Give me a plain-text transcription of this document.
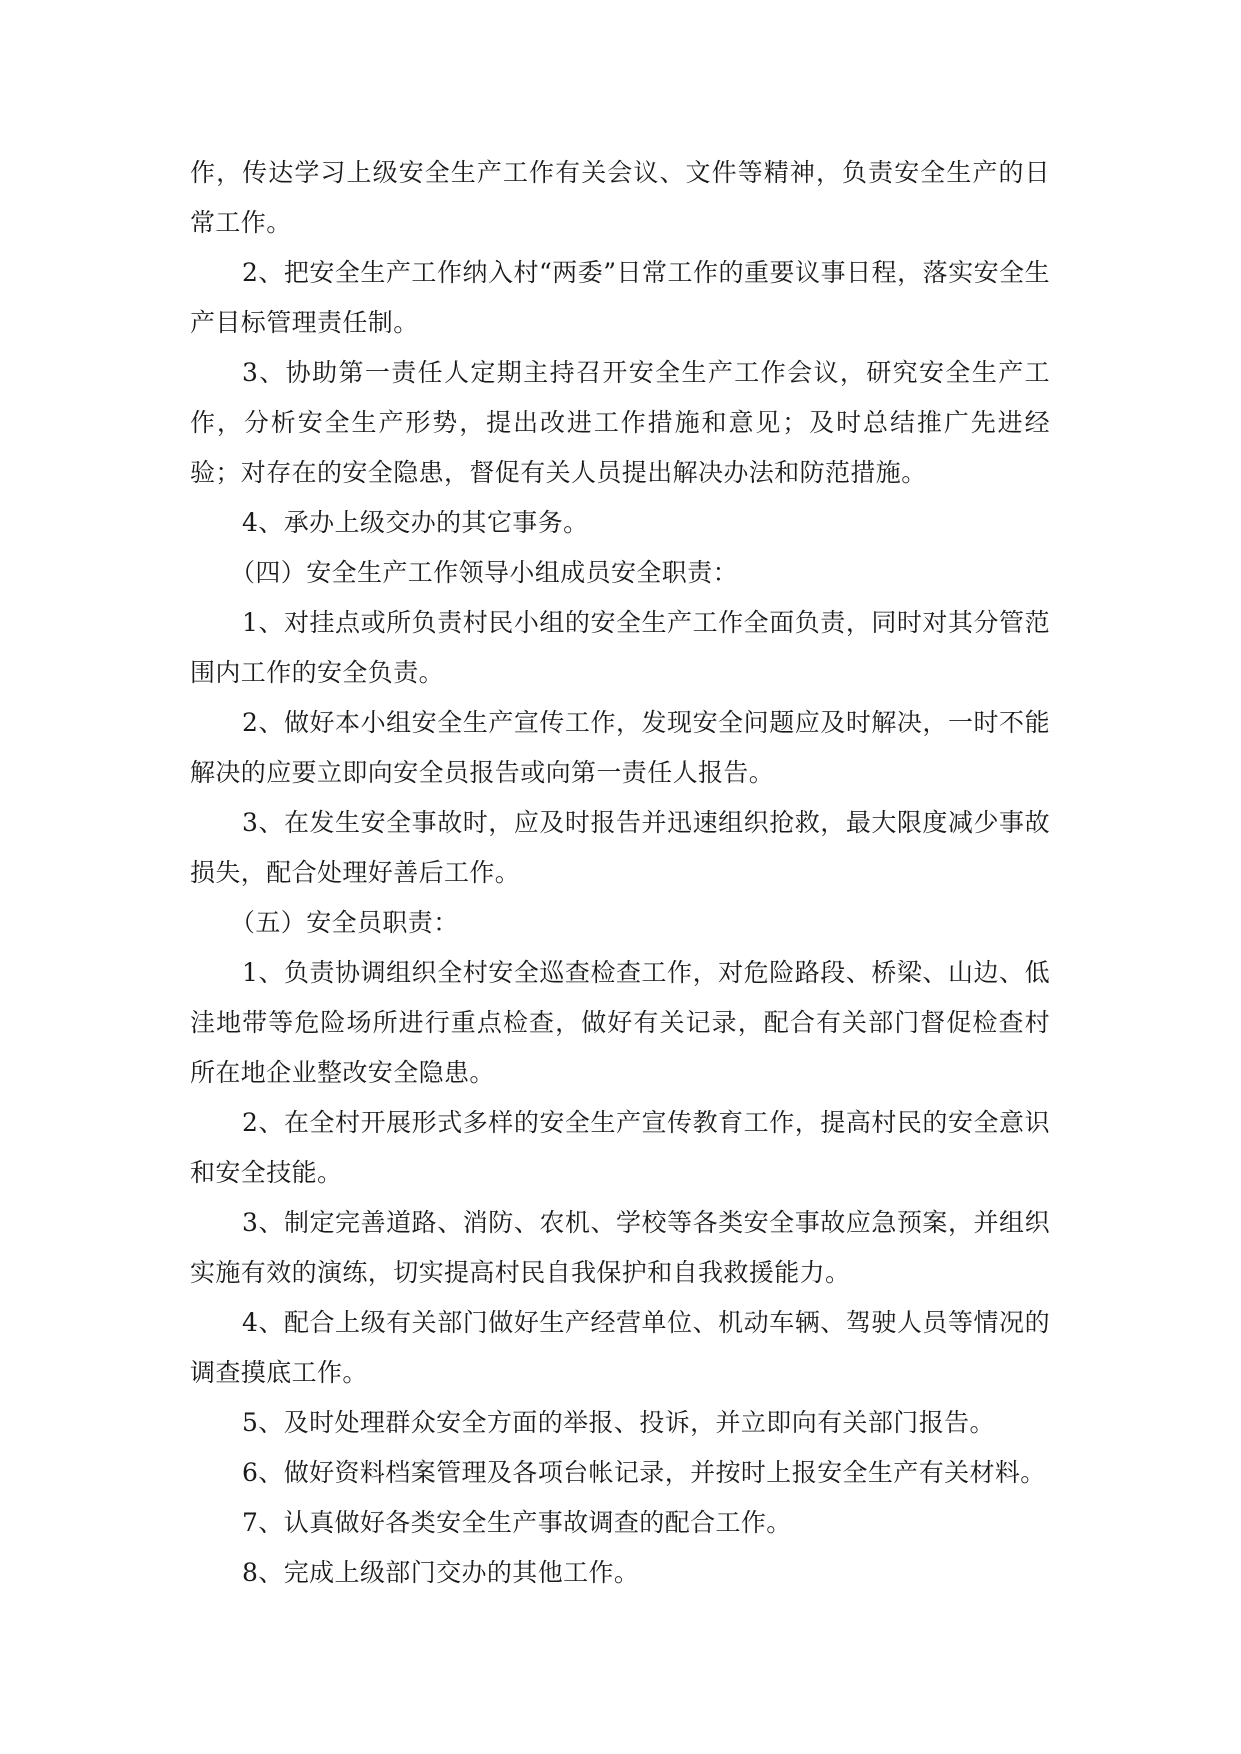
作，传达学习上级安全生产工作有关会议、文件等精神，负责安全生产的日常工作。

2、把安全生产工作纳入村“两委”日常工作的重要议事日程，落实安全生产目标管理责任制。

3、协助第一责任人定期主持召开安全生产工作会议，研究安全生产工作，分析安全生产形势，提出改进工作措施和意见；及时总结推广先进经验；对存在的安全隐患，督促有关人员提出解决办法和防范措施。

4、承办上级交办的其它事务。

（四）安全生产工作领导小组成员安全职责：

1、对挂点或所负责村民小组的安全生产工作全面负责，同时对其分管范围内工作的安全负责。

2、做好本小组安全生产宣传工作，发现安全问题应及时解决，一时不能解决的应要立即向安全员报告或向第一责任人报告。

3、在发生安全事故时，应及时报告并迅速组织抢救，最大限度减少事故损失，配合处理好善后工作。

（五）安全员职责：

1、负责协调组织全村安全巡查检查工作，对危险路段、桥梁、山边、低洼地带等危险场所进行重点检查，做好有关记录，配合有关部门督促检查村所在地企业整改安全隐患。

2、在全村开展形式多样的安全生产宣传教育工作，提高村民的安全意识和安全技能。

3、制定完善道路、消防、农机、学校等各类安全事故应急预案，并组织实施有效的演练，切实提高村民自我保护和自我救援能力。

4、配合上级有关部门做好生产经营单位、机动车辆、驾驶人员等情况的调查摸底工作。

5、及时处理群众安全方面的举报、投诉，并立即向有关部门报告。

6、做好资料档案管理及各项台帐记录，并按时上报安全生产有关材料。

7、认真做好各类安全生产事故调查的配合工作。

8、完成上级部门交办的其他工作。
